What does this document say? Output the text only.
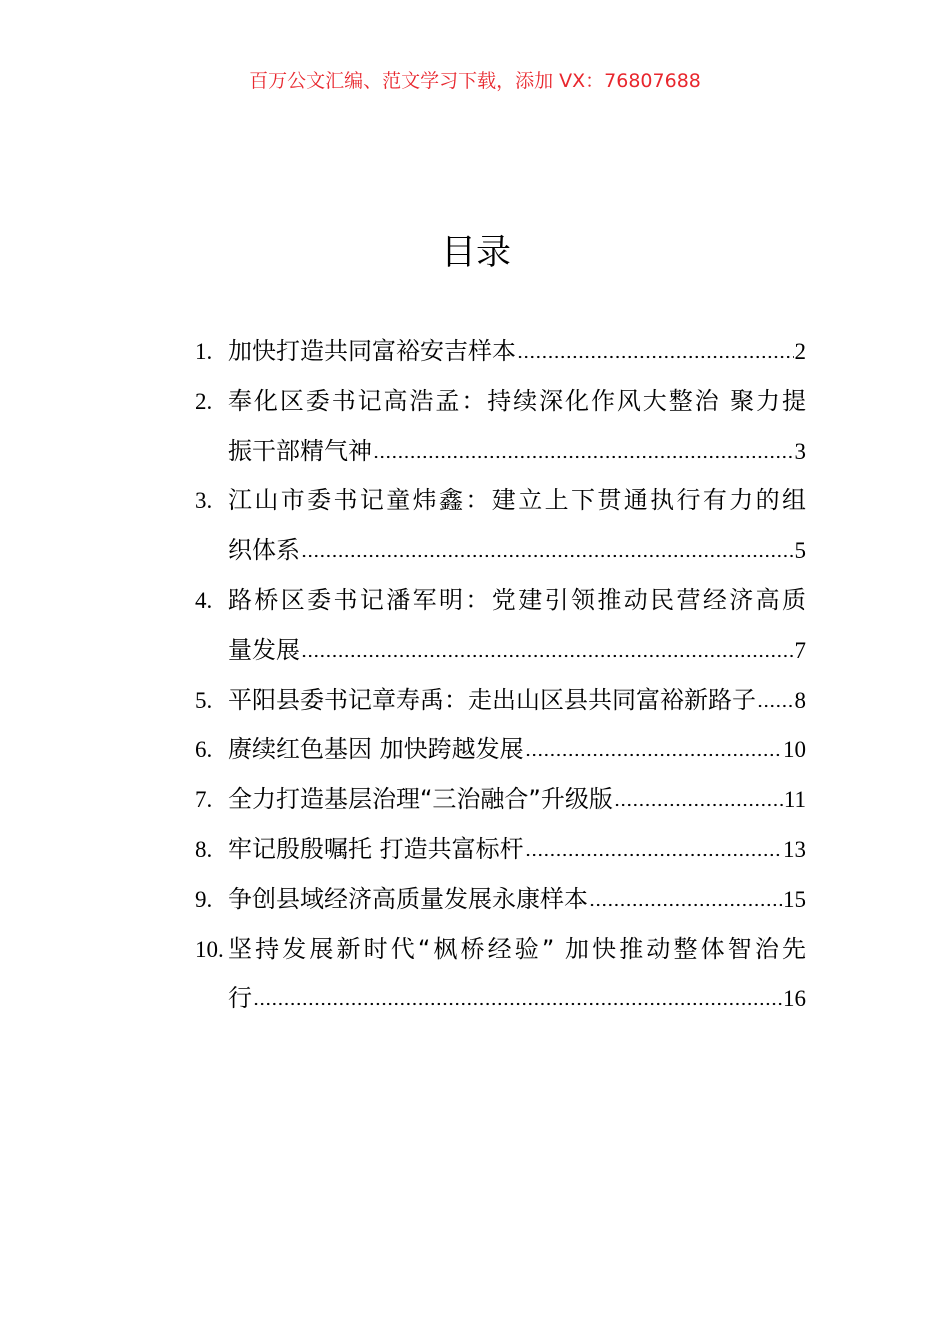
百万公文汇编、范文学习下载，添加 VX：76807688
目录
1. 加快打造共同富裕安吉样本	2
2. 奉化区委书记高浩孟：持续深化作风大整治 聚力提
振干部精气神	3
3. 江山市委书记童炜鑫：建立上下贯通执行有力的组
织体系	5
4. 路桥区委书记潘军明：党建引领推动民营经济高质
量发展	7
5. 平阳县委书记章寿禹：走出山区县共同富裕新路子 8
6. 赓续红色基因 加快跨越发展	10
7. 全力打造基层治理“三治融合”升级版	11
8. 牢记殷殷嘱托 打造共富标杆	13
9. 争创县域经济高质量发展永康样本	15
10. 坚持发展新时代“枫桥经验” 加快推动整体智治先
行	16
